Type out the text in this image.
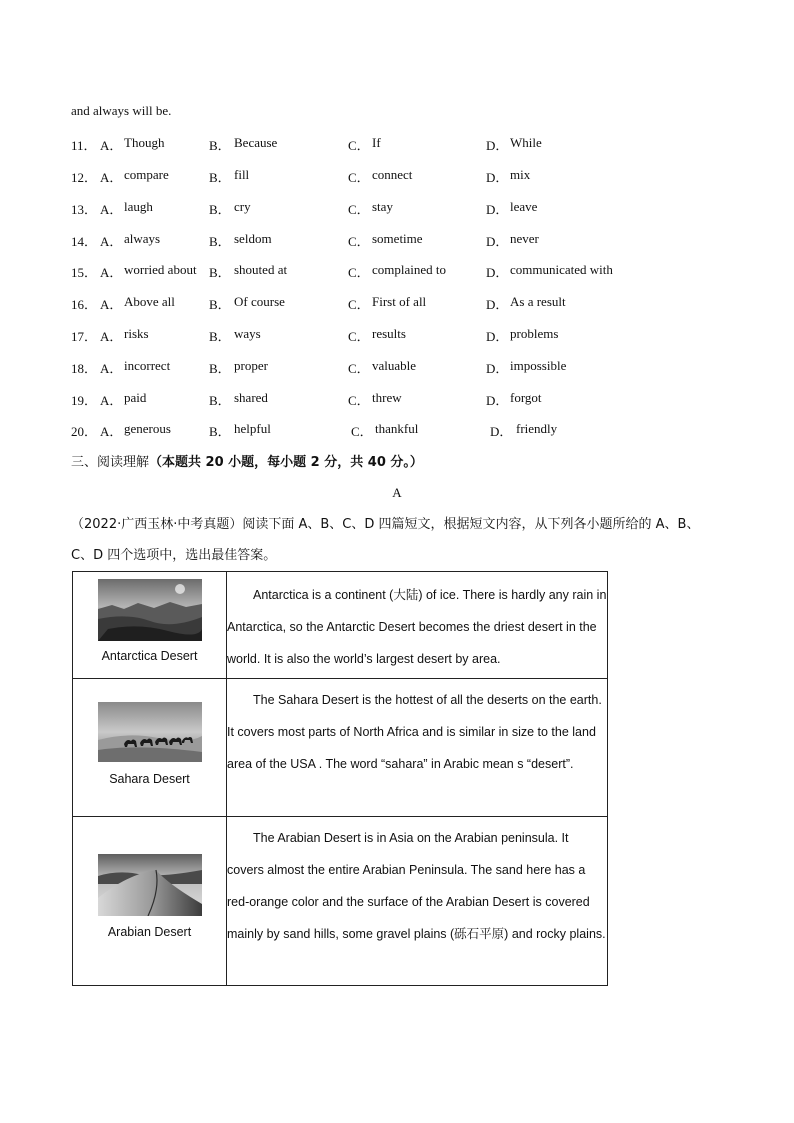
and always will be.
11． A． Though	B． Because	C． If	D． While
12． A． compare	B． fill	C． connect	D． mix
13． A． laugh	B． cry	C． stay	D． leave
14． A． always	B． seldom	C． sometime	D． never
15． A． worried about B． shouted at	C． complained to	D． communicated with
16． A． Above all	B． Of course	C． First of all	D． As a result
17． A． risks	B． ways	C． results	D． problems
18． A． incorrect	B． proper	C． valuable	D． impossible
19． A． paid	B． shared	C． threw	D． forgot
20． A． generous	B． helpful	C． thankful	D． friendly
三、阅读理解（本题共 20 小题，每小题 2 分，共 40 分。）
A
（2022·广西玉林·中考真题）阅读下面 A、B、C、D 四篇短文，根据短文内容，从下列各小题所给的 A、B、C、D 四个选项中，选出最佳答案。
Antarctica Desert	Antarctica is a continent (大陆) of ice. There is hardly any rain in Antarctica, so the Antarctic Desert becomes the driest desert in the world. It is also the world’s largest desert by area.

Sahara Desert	The Sahara Desert is the hottest of all the deserts on the earth. It covers most parts of North Africa and is similar in size to the land area of the USA . The word “sahara” in Arabic mean s “desert”.

Arabian Desert	The Arabian Desert is in Asia on the Arabian peninsula. It covers almost the entire Arabian Peninsula. The sand here has a red-orange color and the surface of the Arabian Desert is covered mainly by sand hills, some gravel plains (砾石平原) and rocky plains.
